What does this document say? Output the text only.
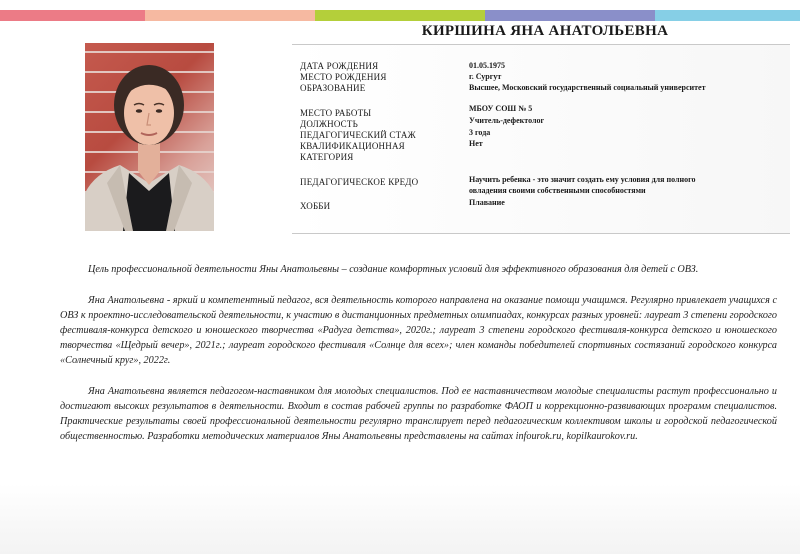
КИРШИНА ЯНА АНАТОЛЬЕВНА
ДАТА РОЖДЕНИЯ
МЕСТО РОЖДЕНИЯ
ОБРАЗОВАНИЕ
МЕСТО РАБОТЫ
ДОЛЖНОСТЬ
ПЕДАГОГИЧЕСКИЙ СТАЖ
КВАЛИФИКАЦИОННАЯ
КАТЕГОРИЯ
ПЕДАГОГИЧЕСКОЕ КРЕДО
ХОББИ
01.05.1975
г. Сургут
Высшее, Московский государственный социальный университет
МБОУ СОШ № 5
Учитель-дефектолог
3 года
Нет
Научить ребенка - это значит создать ему условия для полного
овладения своими собственными способностями
Плавание
Цель профессиональной деятельности Яны Анатольевны – создание комфортных условий для эффективного образования для детей с ОВЗ.
Яна Анатольевна - яркий и компетентный педагог, вся деятельность которого направлена на оказание помощи учащимся. Регулярно привлекает учащихся с ОВЗ к проектно-исследовательской деятельности, к участию в дистанционных предметных олимпиадах, конкурсах разных уровней: лауреат 3 степени городского фестиваля-конкурса детского и юношеского творчества «Радуга детства», 2020г.; лауреат 3 степени городского фестиваля-конкурса детского и юношеского творчества «Щедрый вечер», 2021г.; лауреат городского фестиваля «Солнце для всех»; член команды победителей спортивных состязаний городского конкурса «Солнечный круг», 2022г.
Яна Анатольевна является педагогом-наставником для молодых специалистов. Под ее наставничеством молодые специалисты растут профессионально и достигают высоких результатов в деятельности. Входит в состав рабочей группы по разработке ФАОП и коррекционно-развивающих программ специалистов. Практические результаты своей профессиональной деятельности регулярно транслирует перед педагогическим коллективом школы и городской педагогической общественностью. Разработки методических материалов Яны Анатольевны представлены на сайтах infourok.ru, kopilkaurokov.ru.
